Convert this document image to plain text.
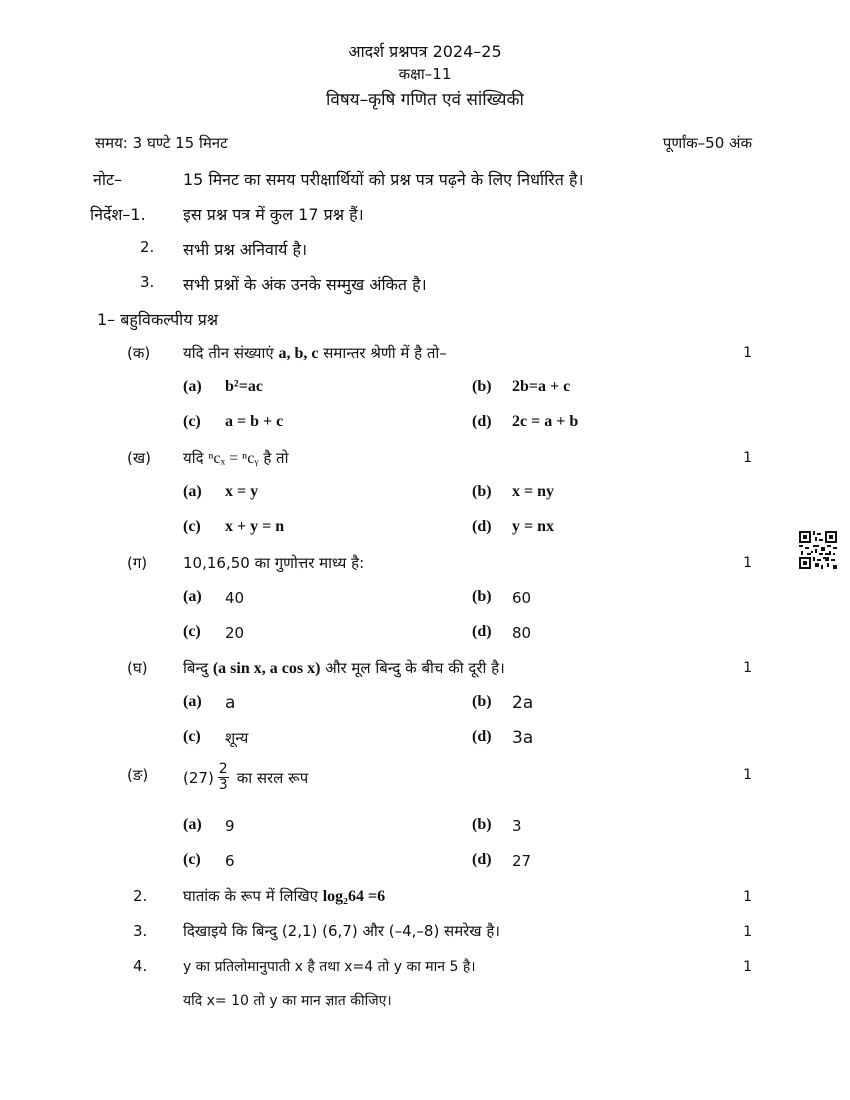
आदर्श प्रश्नपत्र 2024–25
कक्षा–11
विषय–कृषि गणित एवं सांख्यिकी
समय: 3 घण्टे 15 मिनट	पूर्णांक–50 अंक
नोट–	15 मिनट का समय परीक्षार्थियों को प्रश्न पत्र पढ़ने के लिए निर्धारित है।
निर्देश–1. इस प्रश्न पत्र में कुल 17 प्रश्न हैं।
2. सभी प्रश्न अनिवार्य है।
3. सभी प्रश्नों के अंक उनके सम्मुख अंकित है।
1– बहुविकल्पीय प्रश्न
(क) यदि तीन संख्याएं a, b, c समान्तर श्रेणी में है तो–	1
(a) b²=ac	(b) 2b=a + c
(c) a = b + c	(d) 2c = a + b
(ख) यदि ⁿcₓ = ⁿcᵧ है तो	1
(a) x = y	(b) x = ny
(c) x + y = n	(d) y = nx
(ग) 10,16,50 का गुणोत्तर माध्य है:	1
(a) 40	(b) 60
(c) 20	(d) 80
(घ) बिन्दु (a sin x, a cos x) और मूल बिन्दु के बीच की दूरी है।	1
(a) a	(b) 2a
(c) शून्य	(d) 3a
(ङ) $(27) \frac{2}{3}$ का सरल रूप	1
(a) 9	(b) 3
(c) 6	(d) 27
2. घातांक के रूप में लिखिए log₂64 =6	1
3. दिखाइये कि बिन्दु (2,1) (6,7) और (–4,–8) समरेख है।	1
4.	y का प्रतिलोमानुपाती x है तथा x=4 तो y का मान 5 है।	1
यदि x= 10 तो y का मान ज्ञात कीजिए।
